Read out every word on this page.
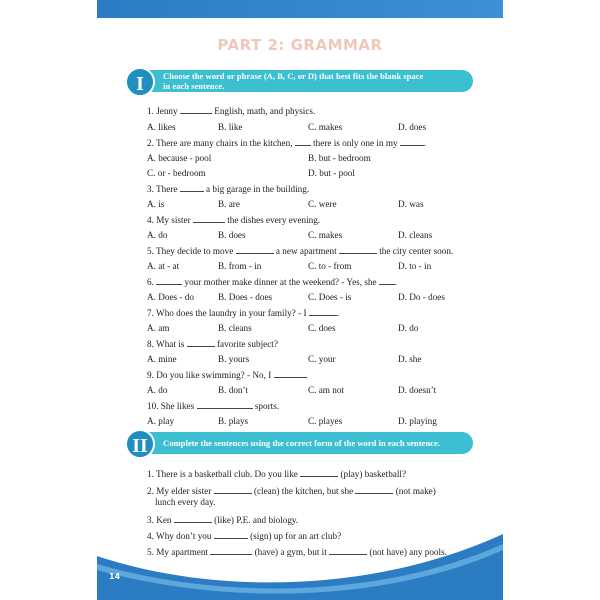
PART 2: GRAMMAR
I	Choose the word or phrase (A, B, C, or D) that best fits the blank space
in each sentence.
1. Jenny	English, math, and physics.
A. likes	B. like	C. makes	D. does
2. There are many chairs in the kitchen, there is only one in my	.
A. because - pool	B. but - bedroom
C. or - bedroom	D. but - pool
3. There	a big garage in the building.
A. is	B. are	C. were	D. was
4. My sister	the dishes every evening.
A. do	B. does	C. makes	D. cleans
5. They decide to move	a new apartment	the city center soon.
A. at - at	B. from - in	C. to - from	D. to - in
6.	your mother make dinner at the weekend? - Yes, she .
A. Does - do	B. Does - does	C. Does - is	D. Do - does
7. Who does the laundry in your family? - I	.
A. am	B. cleans	C. does	D. do
8. What is	favorite subject?
A. mine	B. yours	C. your	D. she
9. Do you like swimming? - No, I	.
A. do	B. don’t	C. am not	D. doesn’t
10. She likes	sports.
A. play	B. plays	C. playes	D. playing
II	Complete the sentences using the correct form of the word in each sentence.
1. There is a basketball club. Do you like	(play) basketball?
2. My elder sister	(clean) the kitchen, but she	(not make)
lunch every day.
3. Ken	(like) P.E. and biology.
4. Why don’t you	(sign) up for an art club?
5. My apartment	(have) a gym, but it	(not have) any pools.
14
